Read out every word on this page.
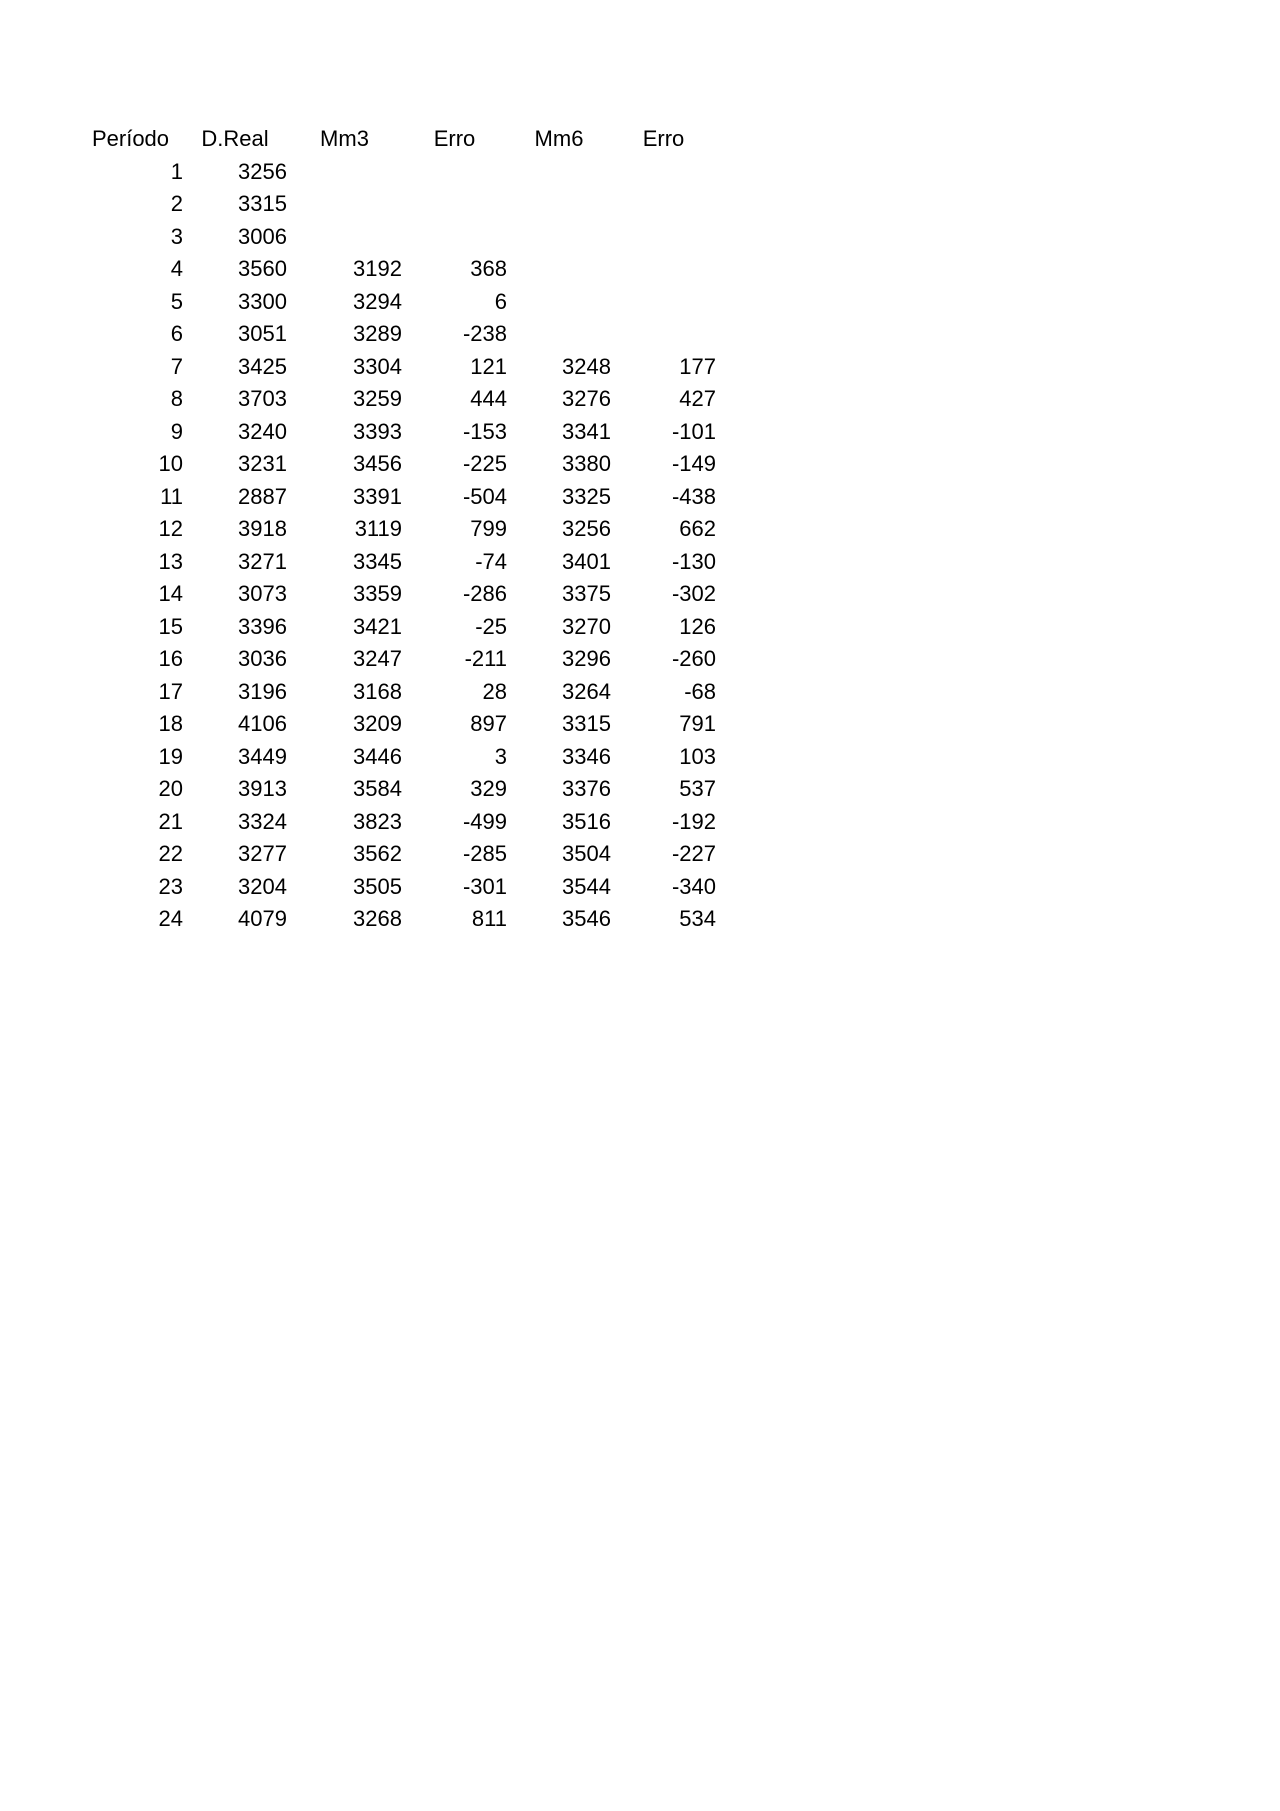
Período	D.Real	Mm3	Erro	Mm6	Erro
1	3256				
2	3315				
3	3006				
4	3560	3192	368		
5	3300	3294	6		
6	3051	3289	-238		
7	3425	3304	121	3248	177
8	3703	3259	444	3276	427
9	3240	3393	-153	3341	-101
10	3231	3456	-225	3380	-149
11	2887	3391	-504	3325	-438
12	3918	3119	799	3256	662
13	3271	3345	-74	3401	-130
14	3073	3359	-286	3375	-302
15	3396	3421	-25	3270	126
16	3036	3247	-211	3296	-260
17	3196	3168	28	3264	-68
18	4106	3209	897	3315	791
19	3449	3446	3	3346	103
20	3913	3584	329	3376	537
21	3324	3823	-499	3516	-192
22	3277	3562	-285	3504	-227
23	3204	3505	-301	3544	-340
24	4079	3268	811	3546	534
